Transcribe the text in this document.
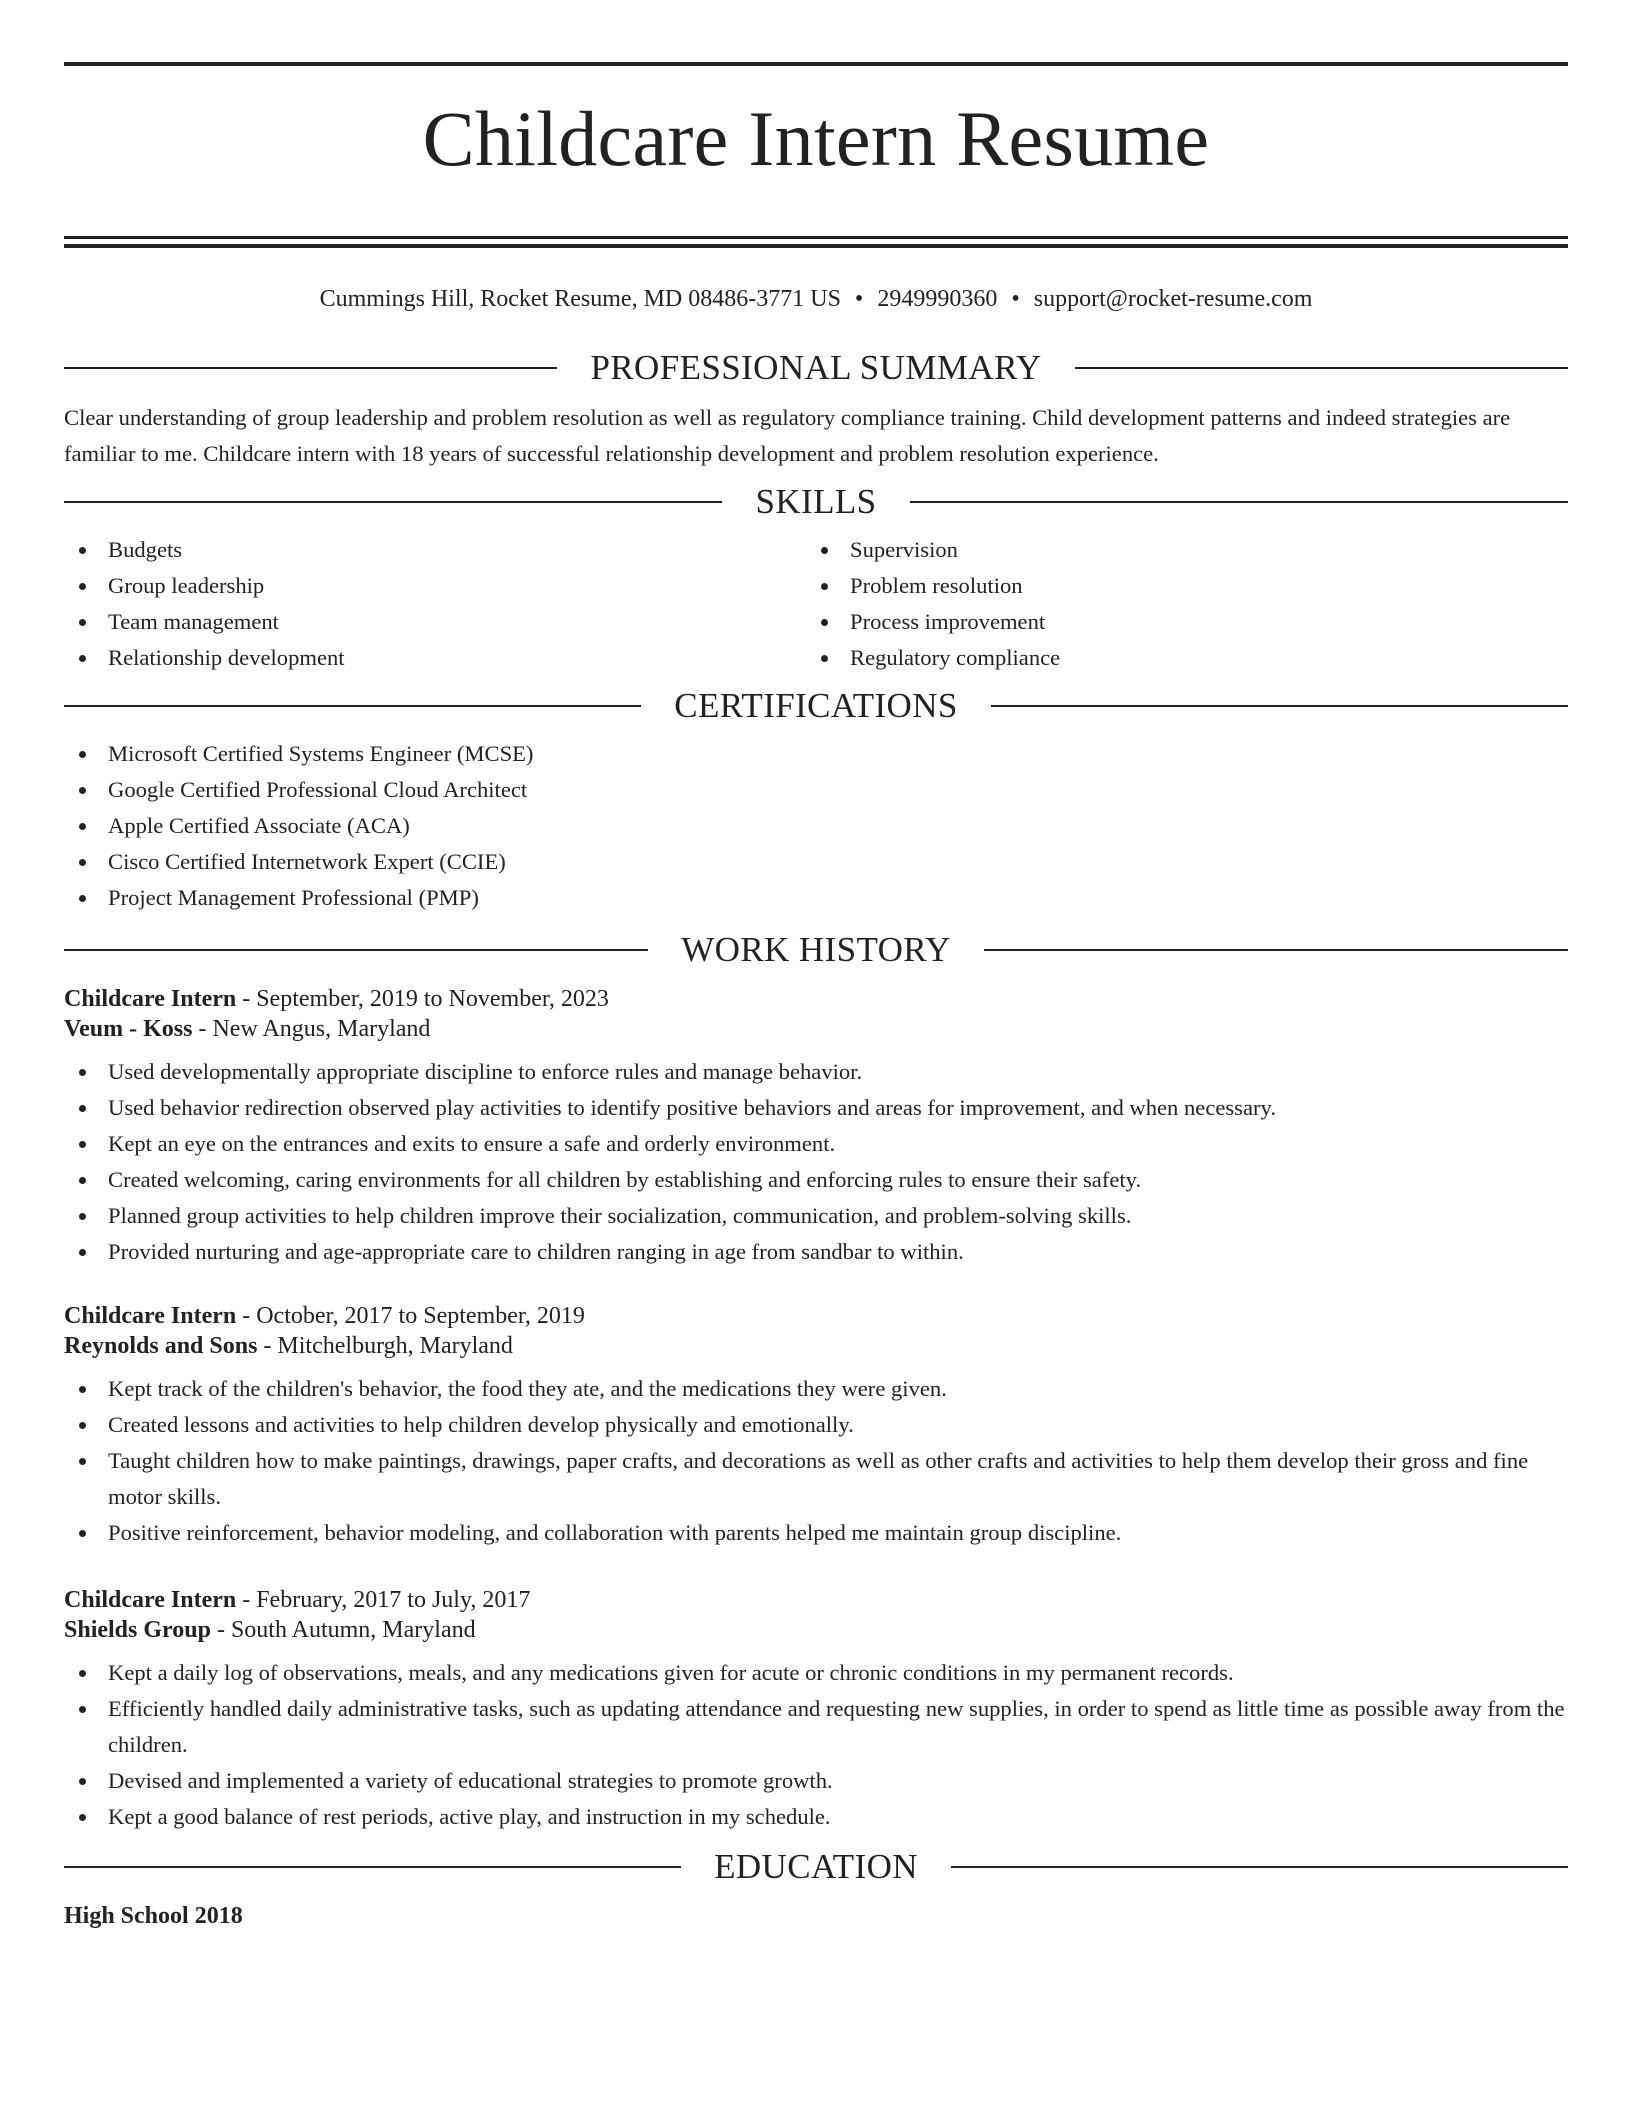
Childcare Intern Resume
Cummings Hill, Rocket Resume, MD 08486-3771 US • 2949990360 • support@rocket-resume.com
PROFESSIONAL SUMMARY
Clear understanding of group leadership and problem resolution as well as regulatory compliance training. Child development patterns and indeed strategies are familiar to me. Childcare intern with 18 years of successful relationship development and problem resolution experience.
SKILLS
Budgets
Group leadership
Team management
Relationship development
Supervision
Problem resolution
Process improvement
Regulatory compliance
CERTIFICATIONS
Microsoft Certified Systems Engineer (MCSE)
Google Certified Professional Cloud Architect
Apple Certified Associate (ACA)
Cisco Certified Internetwork Expert (CCIE)
Project Management Professional (PMP)
WORK HISTORY
Childcare Intern - September, 2019 to November, 2023
Veum - Koss - New Angus, Maryland
Used developmentally appropriate discipline to enforce rules and manage behavior.
Used behavior redirection observed play activities to identify positive behaviors and areas for improvement, and when necessary.
Kept an eye on the entrances and exits to ensure a safe and orderly environment.
Created welcoming, caring environments for all children by establishing and enforcing rules to ensure their safety.
Planned group activities to help children improve their socialization, communication, and problem-solving skills.
Provided nurturing and age-appropriate care to children ranging in age from sandbar to within.
Childcare Intern - October, 2017 to September, 2019
Reynolds and Sons - Mitchelburgh, Maryland
Kept track of the children's behavior, the food they ate, and the medications they were given.
Created lessons and activities to help children develop physically and emotionally.
Taught children how to make paintings, drawings, paper crafts, and decorations as well as other crafts and activities to help them develop their gross and fine motor skills.
Positive reinforcement, behavior modeling, and collaboration with parents helped me maintain group discipline.
Childcare Intern - February, 2017 to July, 2017
Shields Group - South Autumn, Maryland
Kept a daily log of observations, meals, and any medications given for acute or chronic conditions in my permanent records.
Efficiently handled daily administrative tasks, such as updating attendance and requesting new supplies, in order to spend as little time as possible away from the children.
Devised and implemented a variety of educational strategies to promote growth.
Kept a good balance of rest periods, active play, and instruction in my schedule.
EDUCATION
High School 2018
